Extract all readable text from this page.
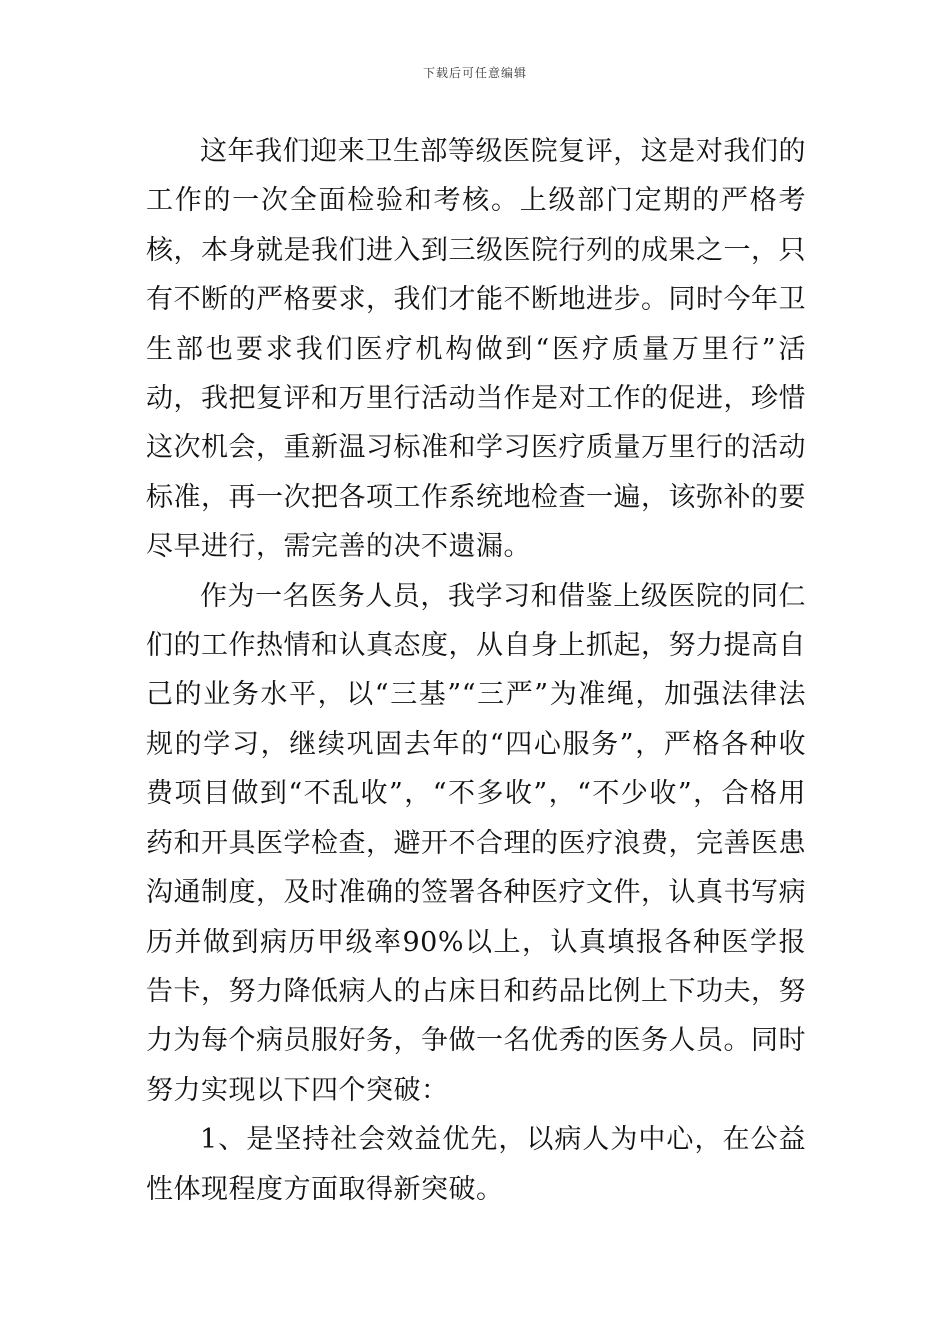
下载后可任意编辑

这年我们迎来卫生部等级医院复评，这是对我们的工作的一次全面检验和考核。上级部门定期的严格考核，本身就是我们进入到三级医院行列的成果之一，只有不断的严格要求，我们才能不断地进步。同时今年卫生部也要求我们医疗机构做到“医疗质量万里行”活动，我把复评和万里行活动当作是对工作的促进，珍惜这次机会，重新温习标准和学习医疗质量万里行的活动标准，再一次把各项工作系统地检查一遍，该弥补的要尽早进行，需完善的决不遗漏。

作为一名医务人员，我学习和借鉴上级医院的同仁们的工作热情和认真态度，从自身上抓起，努力提高自己的业务水平，以“三基”“三严”为准绳，加强法律法规的学习，继续巩固去年的“四心服务”，严格各种收费项目做到“不乱收”，“不多收”，“不少收”，合格用药和开具医学检查，避开不合理的医疗浪费，完善医患沟通制度，及时准确的签署各种医疗文件，认真书写病历并做到病历甲级率90%以上，认真填报各种医学报告卡，努力降低病人的占床日和药品比例上下功夫，努力为每个病员服好务，争做一名优秀的医务人员。同时努力实现以下四个突破：

1、是坚持社会效益优先，以病人为中心，在公益性体现程度方面取得新突破。
